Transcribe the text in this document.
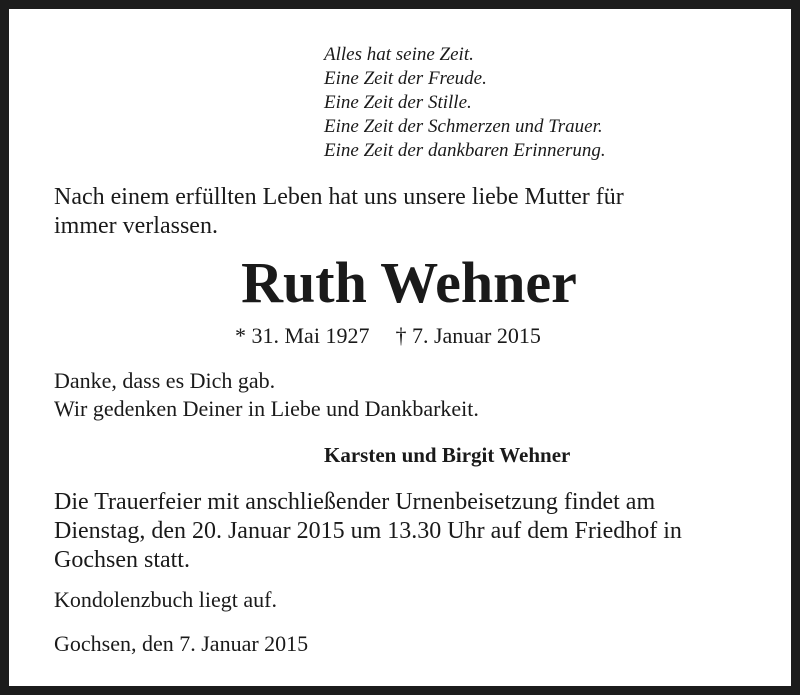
Alles hat seine Zeit.
Eine Zeit der Freude.
Eine Zeit der Stille.
Eine Zeit der Schmerzen und Trauer.
Eine Zeit der dankbaren Erinnerung.
Nach einem erfüllten Leben hat uns unsere liebe Mutter für
immer verlassen.
Ruth Wehner
* 31. Mai 1927 † 7. Januar 2015
Danke, dass es Dich gab.
Wir gedenken Deiner in Liebe und Dankbarkeit.
Karsten und Birgit Wehner
Die Trauerfeier mit anschließender Urnenbeisetzung findet am
Dienstag, den 20. Januar 2015 um 13.30 Uhr auf dem Friedhof in
Gochsen statt.
Kondolenzbuch liegt auf.
Gochsen, den 7. Januar 2015
